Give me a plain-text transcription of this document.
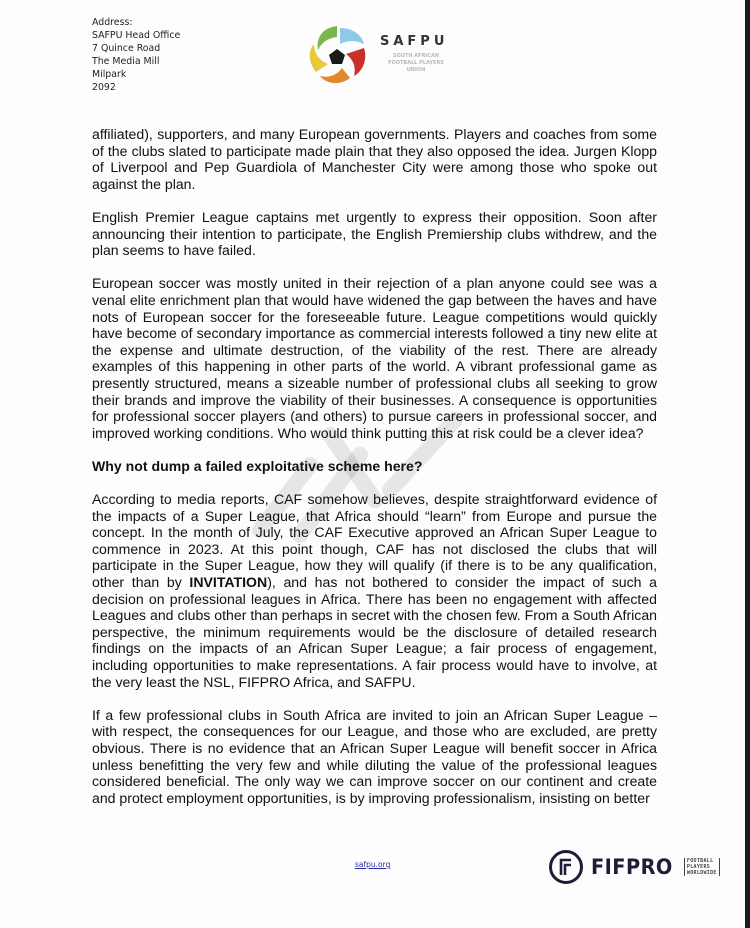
Address:
SAFPU Head Office
7 Quince Road
The Media Mill
Milpark
2092
SAFPU
SOUTH AFRICAN
FOOTBALL PLAYERS
UNION

affiliated), supporters, and many European governments. Players and coaches from some of the clubs slated to participate made plain that they also opposed the idea. Jurgen Klopp of Liverpool and Pep Guardiola of Manchester City were among those who spoke out against the plan.

English Premier League captains met urgently to express their opposition. Soon after announcing their intention to participate, the English Premiership clubs withdrew, and the plan seems to have failed.

European soccer was mostly united in their rejection of a plan anyone could see was a venal elite enrichment plan that would have widened the gap between the haves and have nots of European soccer for the foreseeable future. League competitions would quickly have become of secondary importance as commercial interests followed a tiny new elite at the expense and ultimate destruction, of the viability of the rest. There are already examples of this happening in other parts of the world. A vibrant professional game as presently structured, means a sizeable number of professional clubs all seeking to grow their brands and improve the viability of their businesses. A consequence is opportunities for professional soccer players (and others) to pursue careers in professional soccer, and improved working conditions. Who would think putting this at risk could be a clever idea?

Why not dump a failed exploitative scheme here?

According to media reports, CAF somehow believes, despite straightforward evidence of the impacts of a Super League, that Africa should “learn” from Europe and pursue the concept. In the month of July, the CAF Executive approved an African Super League to commence in 2023. At this point though, CAF has not disclosed the clubs that will participate in the Super League, how they will qualify (if there is to be any qualification, other than by INVITATION), and has not bothered to consider the impact of such a decision on professional leagues in Africa. There has been no engagement with affected Leagues and clubs other than perhaps in secret with the chosen few. From a South African perspective, the minimum requirements would be the disclosure of detailed research findings on the impacts of an African Super League; a fair process of engagement, including opportunities to make representations. A fair process would have to involve, at the very least the NSL, FIFPRO Africa, and SAFPU.

If a few professional clubs in South Africa are invited to join an African Super League – with respect, the consequences for our League, and those who are excluded, are pretty obvious. There is no evidence that an African Super League will benefit soccer in Africa unless benefitting the very few and while diluting the value of the professional leagues considered beneficial. The only way we can improve soccer on our continent and create and protect employment opportunities, is by improving professionalism, insisting on better

safpu.org	FIFPRO	FOOTBALL
PLAYERS
WORLDWIDE
